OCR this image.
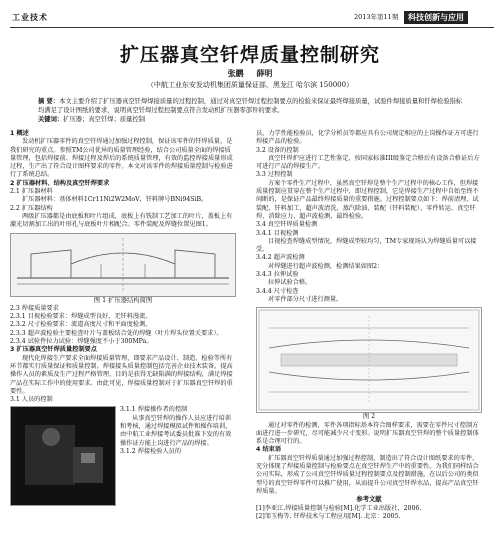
工业技术	2013年第11期	科技创新与应用
扩压器真空钎焊质量控制研究
张鹏 薛明
（中航工业东安发动机集团质量保证部，黑龙江 哈尔滨 150000）
摘 要：本文主要介绍了扩压器真空钎焊焊接质量的过程控制，通过对真空钎焊过程控制要点的检验来保证最终焊接质量，试验件焊接质量和钎焊检验指标均满足了设计图纸的要求，说明真空钎焊过程控制要点符合发动机扩压器零部件的要求。
关键词：扩压器；真空钎焊；质量控制

1 概述

发动机扩压器零件的真空钎焊通过加强过程控制，保证该零件的钎焊质量，是我们研究的重点。参照TM公司优异的质量管理经验，结合公司质量全面的焊接质量管理，包括焊接前、焊接过程及焊后的系统质量管理，有效的监控焊接质量形成过程，生产出了符合设计图样要求的零件。本文对该零件的焊接质量控制与检验进行了系统总结。

2 扩压器材料、结构及真空钎焊要求

2.1 扩压器材料

扩压器材料：基体材料1Cr11Ni2W2MoV，钎料牌号BNi94SiB。

2.2 扩压器结构

两级扩压器都是由底板和叶片组成，底板上有铣制工艺加工的叶片，盖板上有激光切割加工出的叶形孔与底板叶片相配合。零件装配及焊缝位置见图1。

图 1 扩压器结构简图

2.3 焊接质量要求

2.3.1 目视检验要求：焊缝成型良好，无钎料漫流。

2.3.2 尺寸检验要求：流道高度尺寸和平面度检测。

2.3.3 超声波检验主要检查叶片与盖板结合处的焊缝（叶片焊头位置关要求）。

2.3.4 试验件拉力试验：焊缝强度不小于300MPa。

3 扩压器真空钎焊质量控制要点

现代化焊接生产要求全面焊接质量管理，即要求产品设计、制造、检验等所有环节都实行质量保证和质量控制。焊接接头质量控制包括完善企业技术装备，提高操作人员的素质及生产过程严格管理，目的是获得无缺陷满的焊接结构，满足焊接产品在实际工作中的使用要求。由此可见，焊接质量控制对于扩压器真空钎焊的重要性。

3.1 人员的控制

3.1.1 焊接操作者的控制

从事真空钎焊的操作人员应进行培训和考核，通过焊接模拟试件和操作培训，由中航工业焊接考试委员批准下发的有效操作证方能上岗进行产品的焊接。

3.1.2 焊接检验人员的

员，力学性能检验员，化学分析员等都应具有公司规定相应的上岗操作证方可进行焊接产品的检验。

3.2 设备的控制

真空钎焊炉应进行工艺性鉴定，按国家标准III级鉴定合格后有设备合格证后方可进行产品的焊接生产。

3.3 过程控制

方案个零件生产过程中，虽然真空钎焊是整个生产过程中的核心工作，但焊接质量控制应贯穿在整个生产过程中，即过程控制，它是焊接生产过程中自始至终不间断的，是保证产品最终焊接质量的重要措施。过程控制要点如下：焊前清理、试装配、钎料加工、超声波清洗、蒸汽除油、装配（钎料装配）、零件转运、真空钎焊、消除应力、超声波检测、最终检验。

3.4 真空钎焊质量检测

3.4.1 目视检测

目视检查焊缝成型情况，焊缝成型较均匀，TM专家现场认为焊缝质量可以接受。

3.4.2 超声波检测

对焊缝进行超声波检测，检测结果如图2：

3.4.3 拉伸试验

拉伸试验合格。

3.4.4 尺寸检查

对零件部分尺寸进行测量。

图 2

通过对零件的检测，零件各项指标基本符合图样要求，需要在零件尺寸控制方面进行进一步研究，尽可能减少尺寸变形。说明扩压器真空钎焊的整个质量控制体系是合理可行的。

4 结束语

扩压器真空钎焊质量通过加强过程控制，制造出了符合设计图纸要求的零件，充分体现了焊接质量控制与检验要点在真空钎焊生产中的重要性。为我们同样结合公司实际，形成了公司真空钎焊质量过程控制要点及控制措施，在以后公司的类似型号的真空钎焊零件可以推广使用，从而提升公司真空钎焊水品，提高产品真空钎焊质量。

参考文献

[1]李亚江.焊接质量控制与检验[M].化学工业出版社，2006.

[2]邹玉梅等. 钎焊技术与工程应用[M]. 北京：2005.
